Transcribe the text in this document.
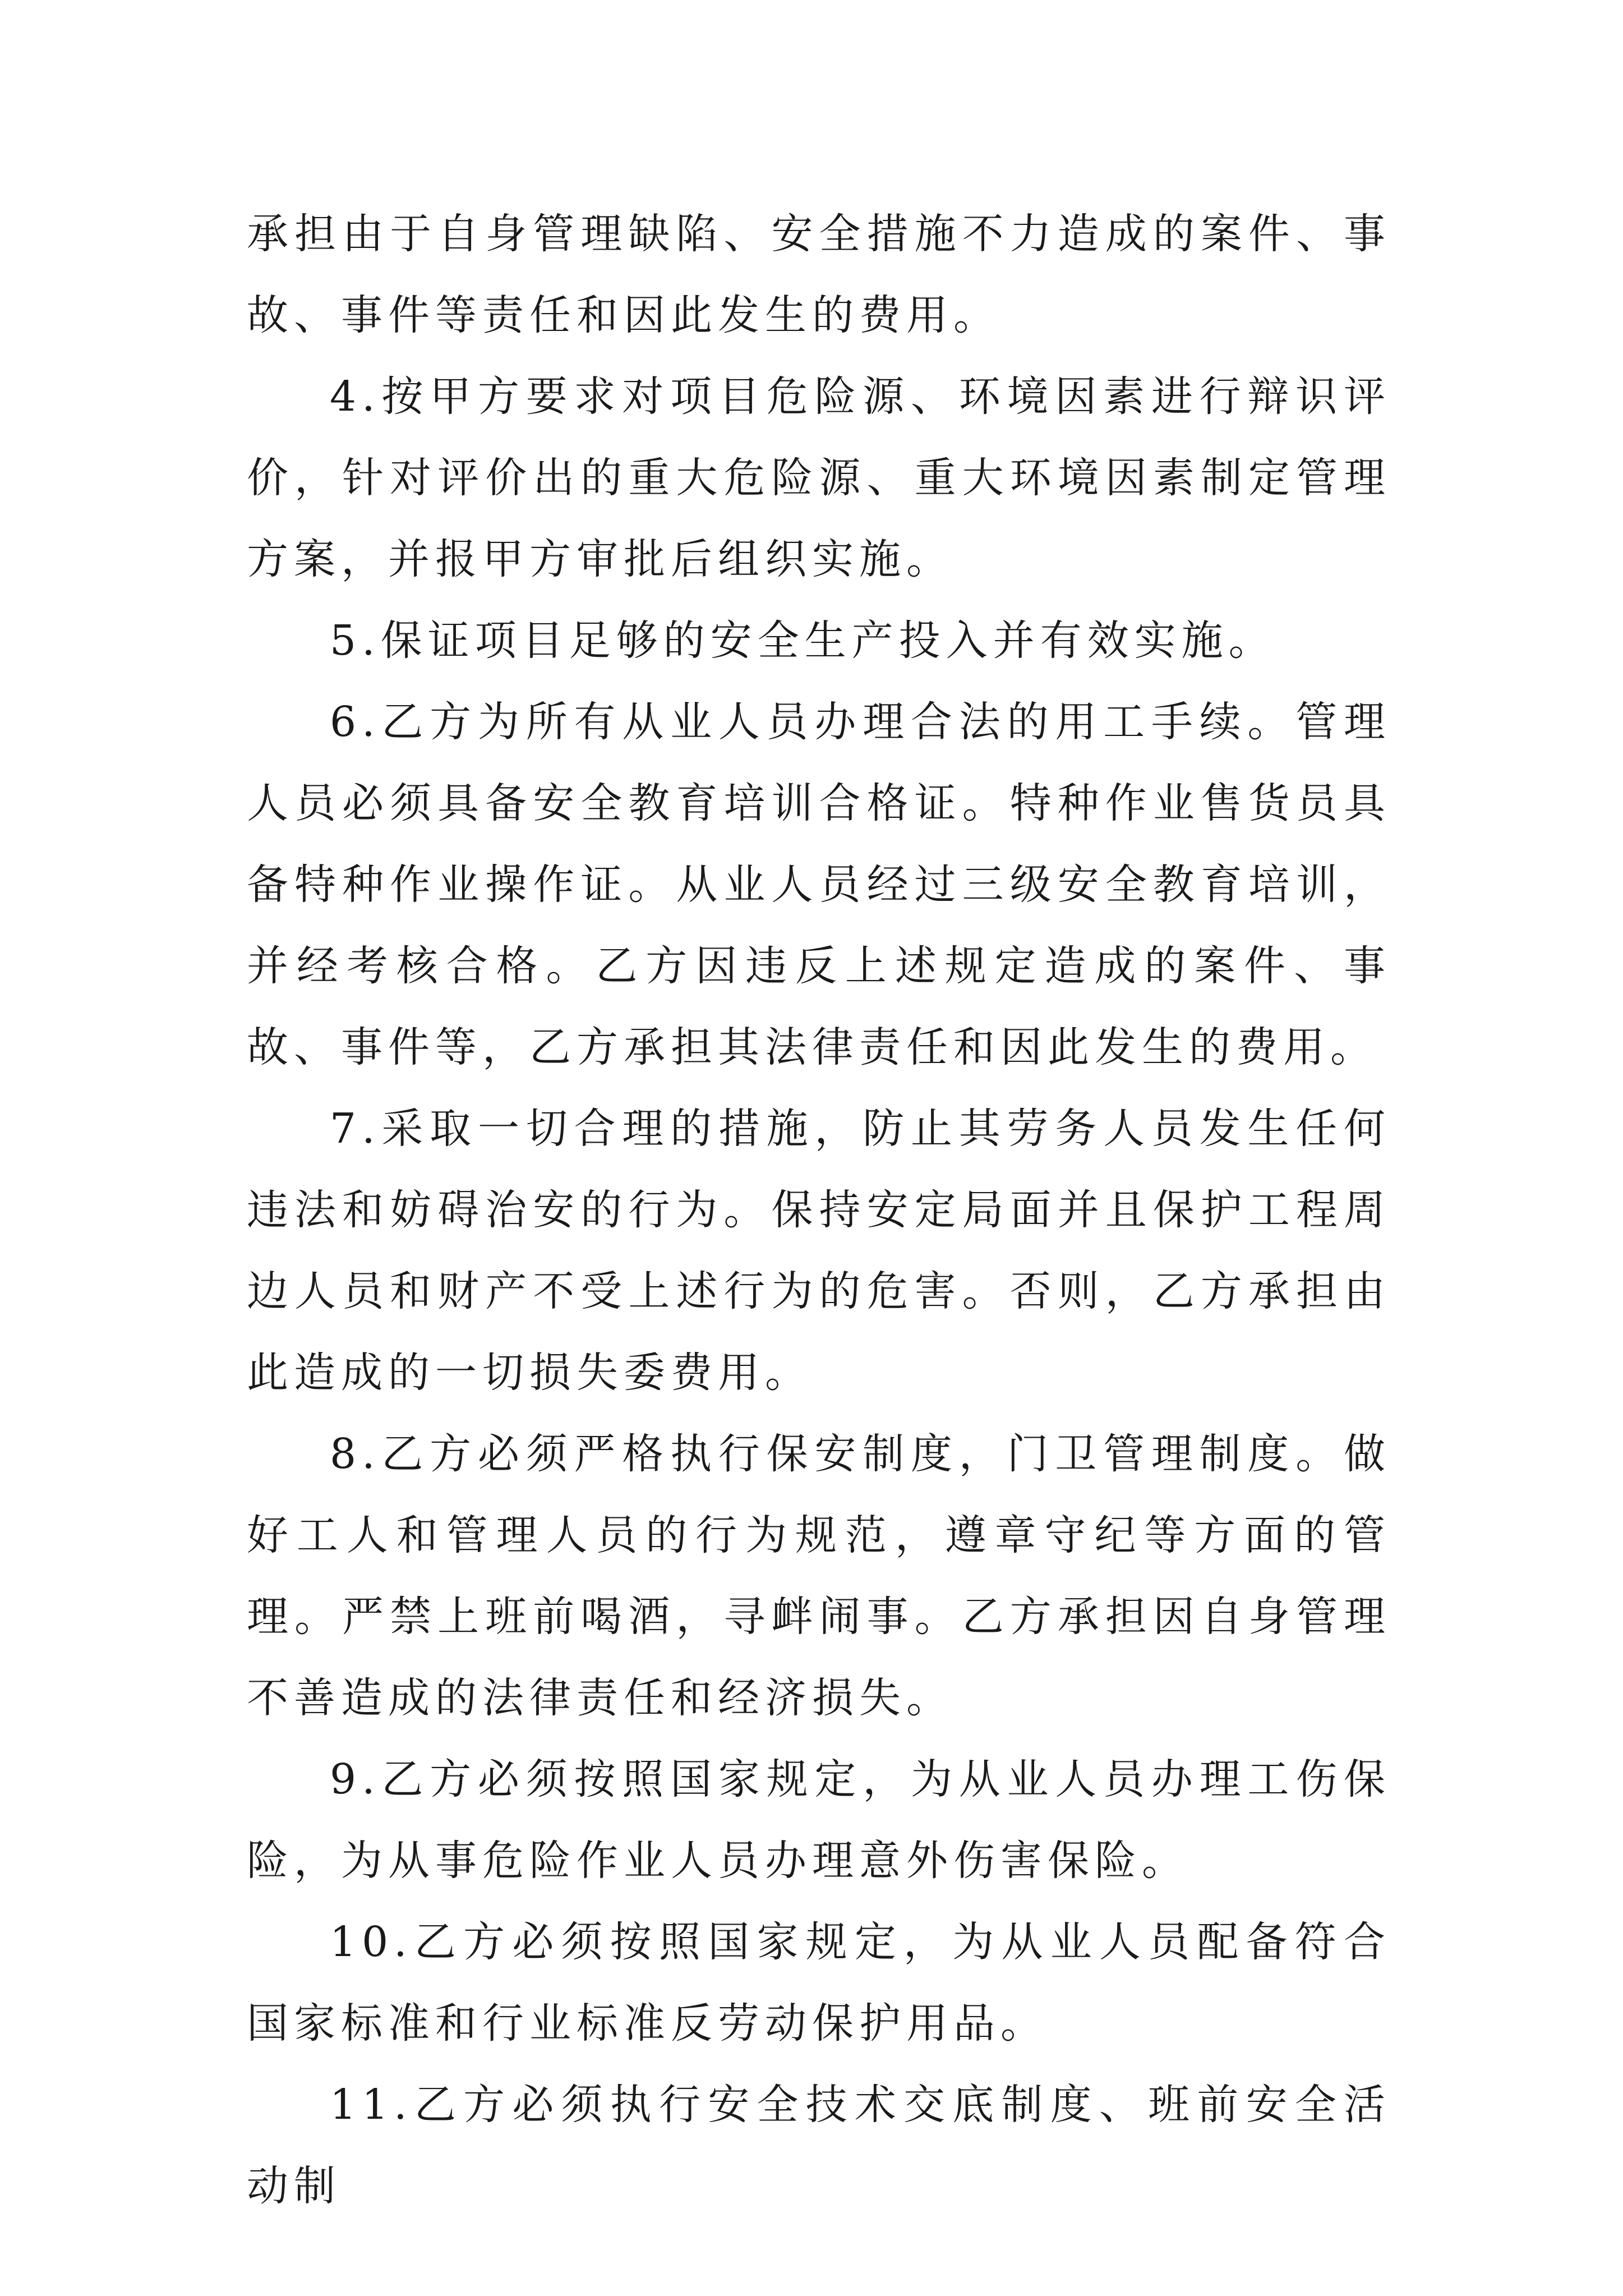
承担由于自身管理缺陷、安全措施不力造成的案件、事故、事件等责任和因此发生的费用。

4.按甲方要求对项目危险源、环境因素进行辩识评价，针对评价出的重大危险源、重大环境因素制定管理方案，并报甲方审批后组织实施。

5.保证项目足够的安全生产投入并有效实施。

6.乙方为所有从业人员办理合法的用工手续。管理人员必须具备安全教育培训合格证。特种作业售货员具备特种作业操作证。从业人员经过三级安全教育培训，并经考核合格。乙方因违反上述规定造成的案件、事故、事件等，乙方承担其法律责任和因此发生的费用。

7.采取一切合理的措施，防止其劳务人员发生任何违法和妨碍治安的行为。保持安定局面并且保护工程周边人员和财产不受上述行为的危害。否则，乙方承担由此造成的一切损失委费用。

8.乙方必须严格执行保安制度，门卫管理制度。做好工人和管理人员的行为规范，遵章守纪等方面的管理。严禁上班前喝酒，寻衅闹事。乙方承担因自身管理不善造成的法律责任和经济损失。

9.乙方必须按照国家规定，为从业人员办理工伤保险，为从事危险作业人员办理意外伤害保险。

10.乙方必须按照国家规定，为从业人员配备符合国家标准和行业标准反劳动保护用品。

11.乙方必须执行安全技术交底制度、班前安全活动制
